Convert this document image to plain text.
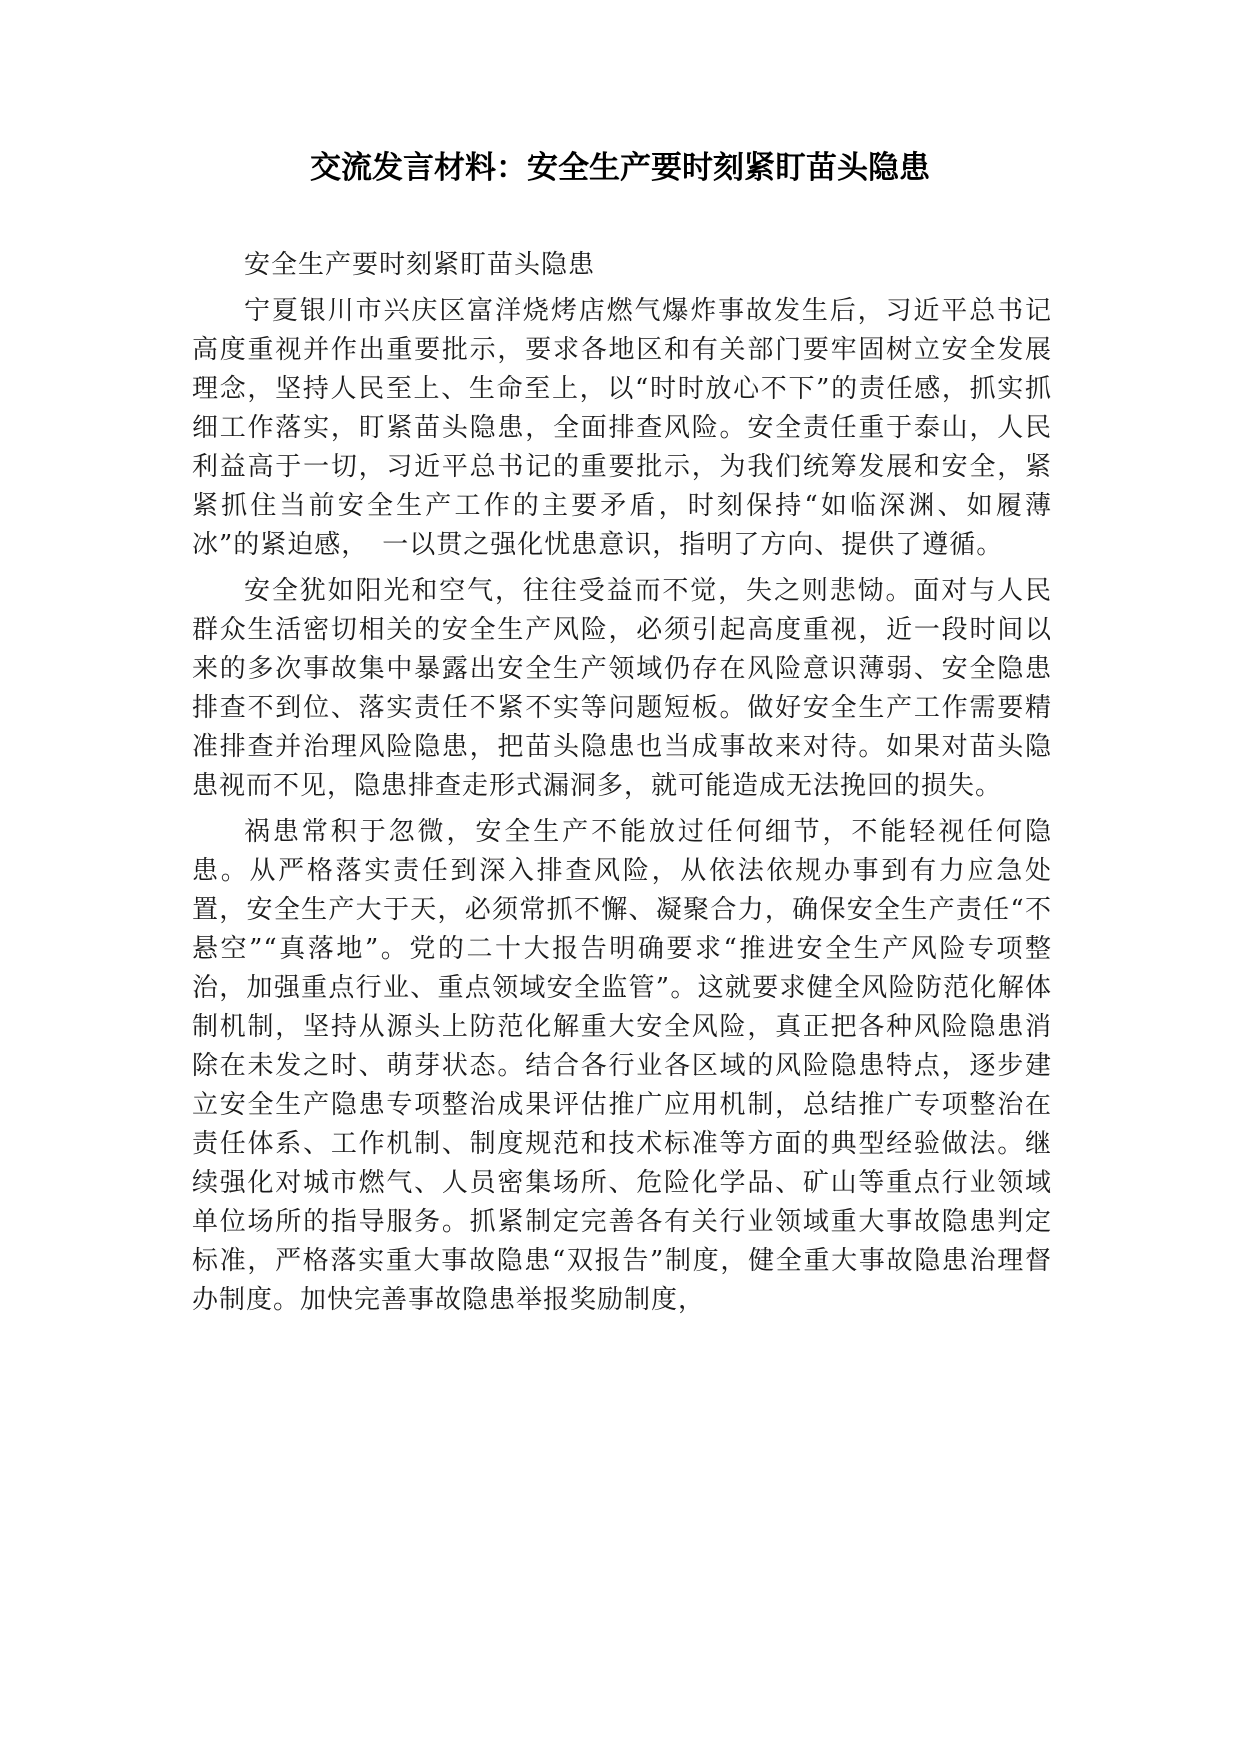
交流发言材料：安全生产要时刻紧盯苗头隐患

安全生产要时刻紧盯苗头隐患

宁夏银川市兴庆区富洋烧烤店燃气爆炸事故发生后，习近平总书记高度重视并作出重要批示，要求各地区和有关部门要牢固树立安全发展理念，坚持人民至上、生命至上，以“时时放心不下”的责任感，抓实抓细工作落实，盯紧苗头隐患，全面排查风险。安全责任重于泰山，人民利益高于一切，习近平总书记的重要批示，为我们统筹发展和安全，紧紧抓住当前安全生产工作的主要矛盾，时刻保持“如临深渊、如履薄冰”的紧迫感，　一以贯之强化忧患意识，指明了方向、提供了遵循。

安全犹如阳光和空气，往往受益而不觉，失之则悲恸。面对与人民群众生活密切相关的安全生产风险，必须引起高度重视，近一段时间以来的多次事故集中暴露出安全生产领域仍存在风险意识薄弱、安全隐患排查不到位、落实责任不紧不实等问题短板。做好安全生产工作需要精准排查并治理风险隐患，把苗头隐患也当成事故来对待。如果对苗头隐患视而不见，隐患排查走形式漏洞多，就可能造成无法挽回的损失。

祸患常积于忽微，安全生产不能放过任何细节，不能轻视任何隐患。从严格落实责任到深入排查风险，从依法依规办事到有力应急处置，安全生产大于天，必须常抓不懈、凝聚合力，确保安全生产责任“不悬空”“真落地”。党的二十大报告明确要求“推进安全生产风险专项整治，加强重点行业、重点领域安全监管”。这就要求健全风险防范化解体制机制，坚持从源头上防范化解重大安全风险，真正把各种风险隐患消除在未发之时、萌芽状态。结合各行业各区域的风险隐患特点，逐步建立安全生产隐患专项整治成果评估推广应用机制，总结推广专项整治在责任体系、工作机制、制度规范和技术标准等方面的典型经验做法。继续强化对城市燃气、人员密集场所、危险化学品、矿山等重点行业领域单位场所的指导服务。抓紧制定完善各有关行业领域重大事故隐患判定标准，严格落实重大事故隐患“双报告”制度，健全重大事故隐患治理督办制度。加快完善事故隐患举报奖励制度，
